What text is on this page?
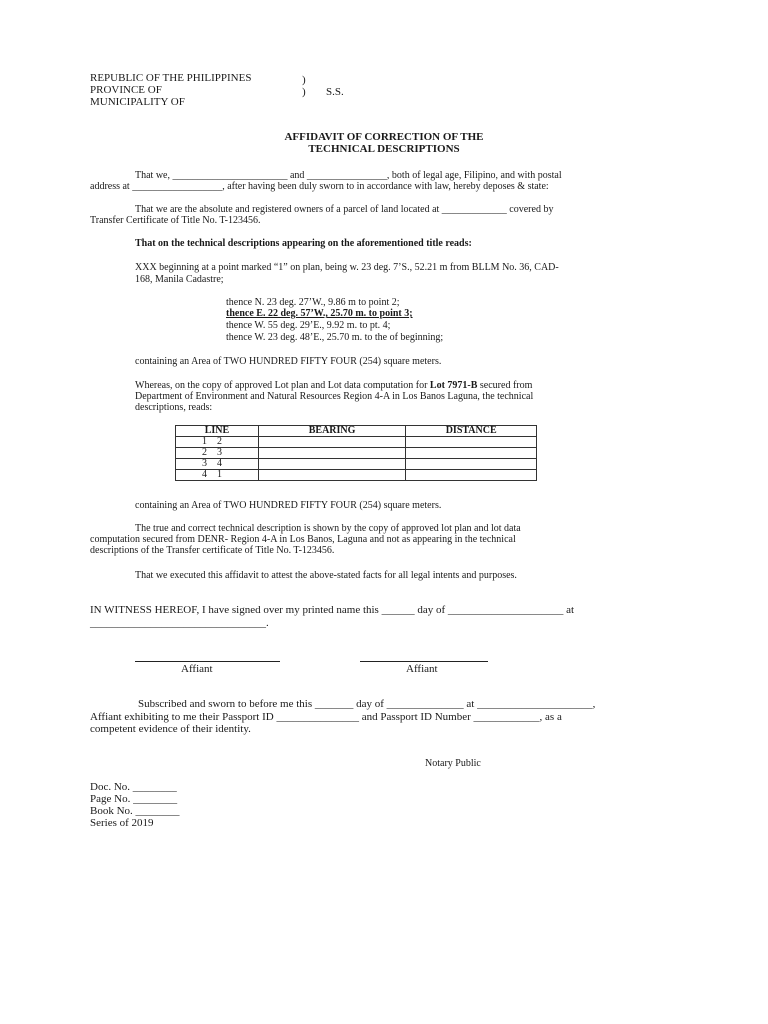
REPUBLIC OF THE PHILIPPINES
PROVINCE OF
MUNICIPALITY OF
)
) S.S.
AFFIDAVIT OF CORRECTION OF THE
TECHNICAL DESCRIPTIONS
That we, _______________________ and ________________, both of legal age, Filipino, and with postal
address at __________________, after having been duly sworn to in accordance with law, hereby deposes & state:
That we are the absolute and registered owners of a parcel of land located at _____________ covered by
Transfer Certificate of Title No. T-123456.
That on the technical descriptions appearing on the aforementioned title reads:
XXX beginning at a point marked “1” on plan, being w. 23 deg. 7’S., 52.21 m from BLLM No. 36, CAD-
168, Manila Cadastre;
thence N. 23 deg. 27’W., 9.86 m to point 2;
thence E. 22 deg. 57’W., 25.70 m. to point 3;
thence W. 55 deg. 29’E., 9.92 m. to pt. 4;
thence W. 23 deg. 48’E., 25.70 m. to the of beginning;
containing an Area of TWO HUNDRED FIFTY FOUR (254) square meters.
Whereas, on the copy of approved Lot plan and Lot data computation for Lot 7971-B secured from
Department of Environment and Natural Resources Region 4-A in Los Banos Laguna, the technical
descriptions, reads:
LINE	BEARING	DISTANCE
1    2		
2    3		
3    4		
4    1		
containing an Area of TWO HUNDRED FIFTY FOUR (254) square meters.
The true and correct technical description is shown by the copy of approved lot plan and lot data
computation secured from DENR- Region 4-A in Los Banos, Laguna and not as appearing in the technical
descriptions of the Transfer certificate of Title No. T-123456.
That we executed this affidavit to attest the above-stated facts for all legal intents and purposes.
IN WITNESS HEREOF, I have signed over my printed name this ______ day of _____________________ at
________________________________.
Affiant	Affiant
Subscribed and sworn to before me this _______ day of ______________ at _____________________,
Affiant exhibiting to me their Passport ID _______________ and Passport ID Number ____________, as a
competent evidence of their identity.
Notary Public
Doc. No. ________
Page No. ________
Book No. ________
Series of 2019
